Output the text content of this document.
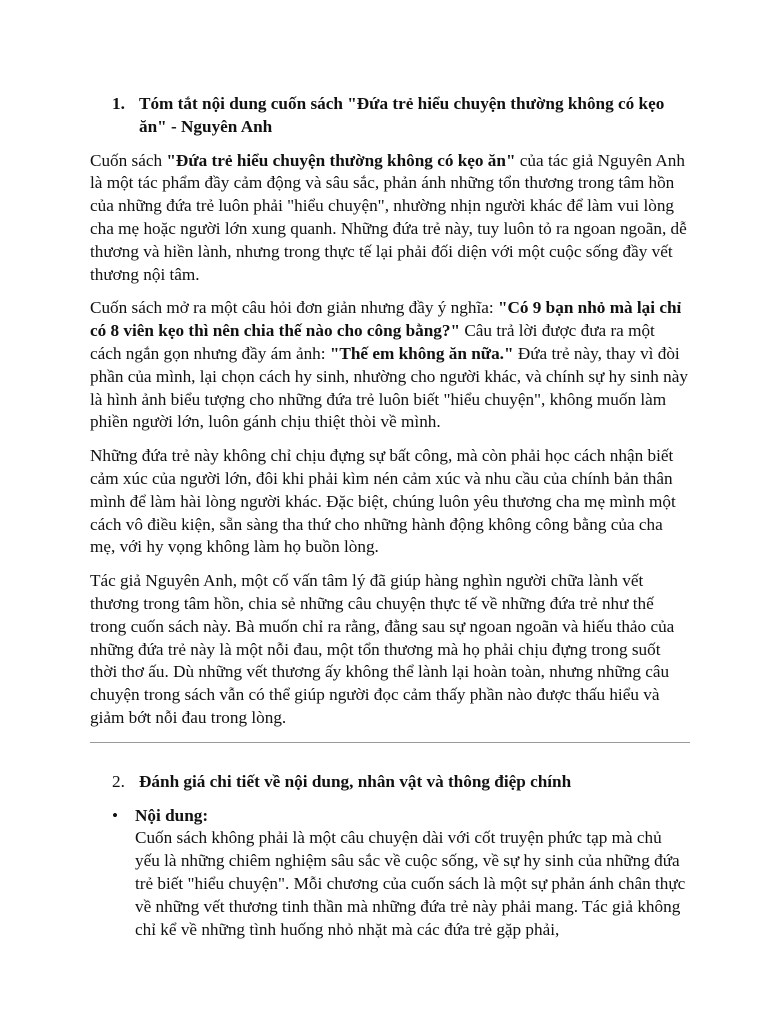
1. Tóm tắt nội dung cuốn sách "Đứa trẻ hiểu chuyện thường không có kẹo ăn" - Nguyên Anh

Cuốn sách "Đứa trẻ hiểu chuyện thường không có kẹo ăn" của tác giả Nguyên Anh là một tác phẩm đầy cảm động và sâu sắc, phản ánh những tổn thương trong tâm hồn của những đứa trẻ luôn phải "hiểu chuyện", nhường nhịn người khác để làm vui lòng cha mẹ hoặc người lớn xung quanh. Những đứa trẻ này, tuy luôn tỏ ra ngoan ngoãn, dễ thương và hiền lành, nhưng trong thực tế lại phải đối diện với một cuộc sống đầy vết thương nội tâm.

Cuốn sách mở ra một câu hỏi đơn giản nhưng đầy ý nghĩa: "Có 9 bạn nhỏ mà lại chỉ có 8 viên kẹo thì nên chia thế nào cho công bằng?" Câu trả lời được đưa ra một cách ngắn gọn nhưng đầy ám ảnh: "Thế em không ăn nữa." Đứa trẻ này, thay vì đòi phần của mình, lại chọn cách hy sinh, nhường cho người khác, và chính sự hy sinh này là hình ảnh biểu tượng cho những đứa trẻ luôn biết "hiểu chuyện", không muốn làm phiền người lớn, luôn gánh chịu thiệt thòi về mình.

Những đứa trẻ này không chỉ chịu đựng sự bất công, mà còn phải học cách nhận biết cảm xúc của người lớn, đôi khi phải kìm nén cảm xúc và nhu cầu của chính bản thân mình để làm hài lòng người khác. Đặc biệt, chúng luôn yêu thương cha mẹ mình một cách vô điều kiện, sẵn sàng tha thứ cho những hành động không công bằng của cha mẹ, với hy vọng không làm họ buồn lòng.

Tác giả Nguyên Anh, một cố vấn tâm lý đã giúp hàng nghìn người chữa lành vết thương trong tâm hồn, chia sẻ những câu chuyện thực tế về những đứa trẻ như thế trong cuốn sách này. Bà muốn chỉ ra rằng, đằng sau sự ngoan ngoãn và hiếu thảo của những đứa trẻ này là một nỗi đau, một tổn thương mà họ phải chịu đựng trong suốt thời thơ ấu. Dù những vết thương ấy không thể lành lại hoàn toàn, nhưng những câu chuyện trong sách vẫn có thể giúp người đọc cảm thấy phần nào được thấu hiểu và giảm bớt nỗi đau trong lòng.

2. Đánh giá chi tiết về nội dung, nhân vật và thông điệp chính
• Nội dung:
Cuốn sách không phải là một câu chuyện dài với cốt truyện phức tạp mà chủ yếu là những chiêm nghiệm sâu sắc về cuộc sống, về sự hy sinh của những đứa trẻ biết "hiểu chuyện". Mỗi chương của cuốn sách là một sự phản ánh chân thực về những vết thương tinh thần mà những đứa trẻ này phải mang. Tác giả không chỉ kể về những tình huống nhỏ nhặt mà các đứa trẻ gặp phải,
